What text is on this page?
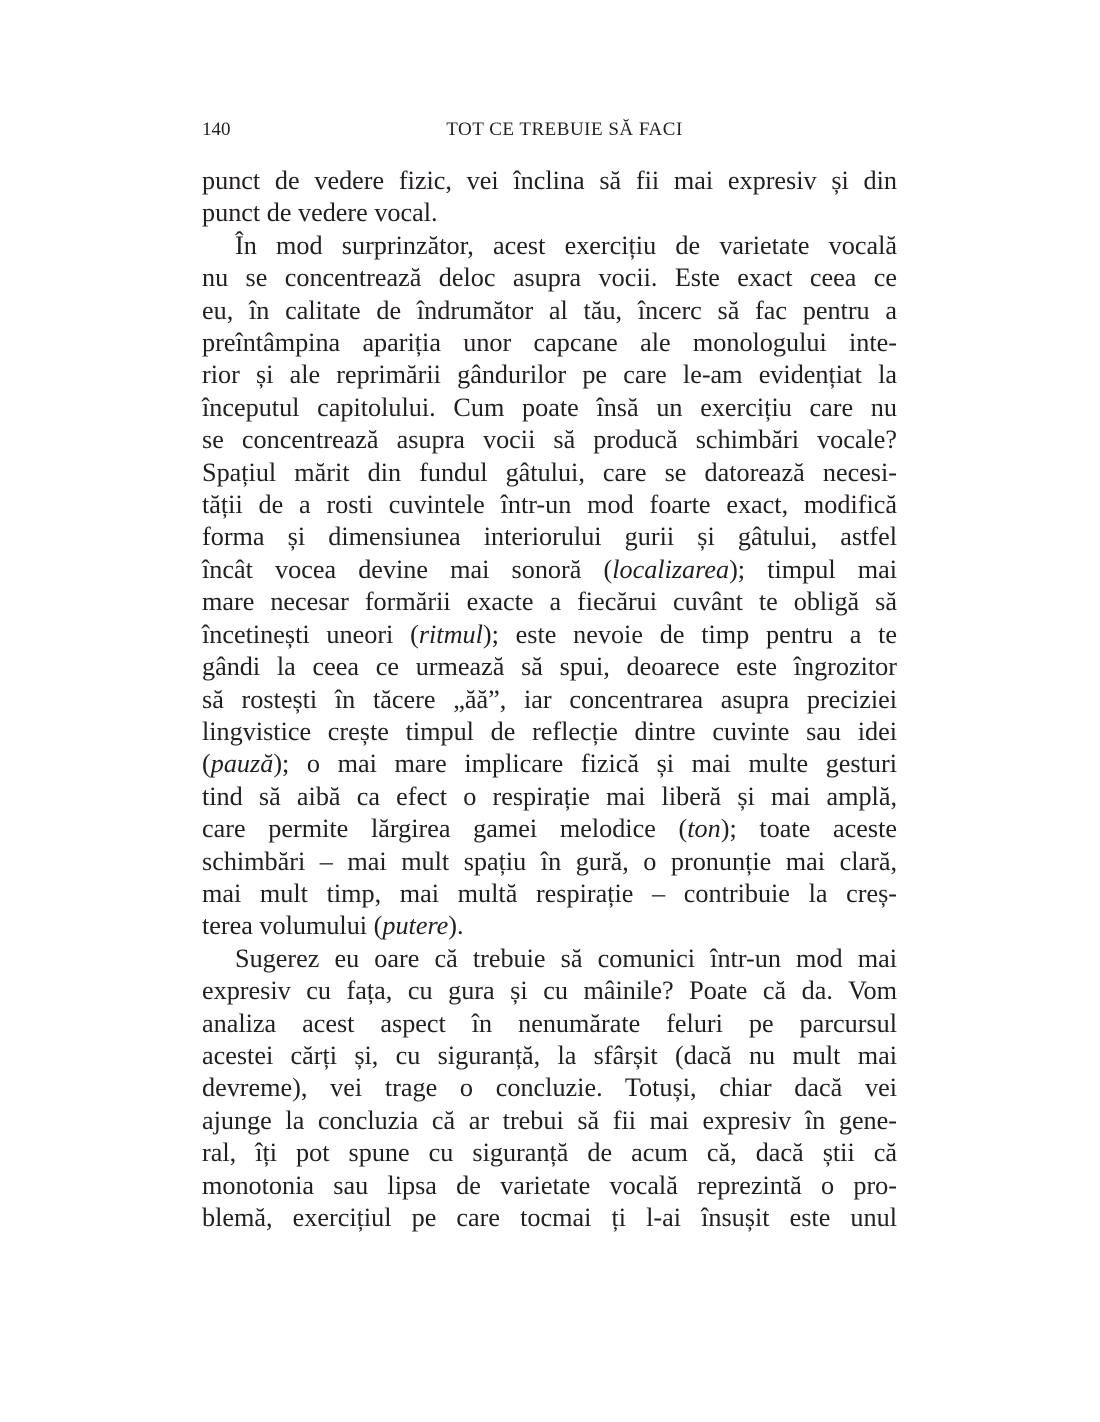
140	TOT CE TREBUIE SĂ FACI

punct de vedere fizic, vei înclina să fii mai expresiv și din
punct de vedere vocal.

În mod surprinzător, acest exercițiu de varietate vocală
nu se concentrează deloc asupra vocii. Este exact ceea ce
eu, în calitate de îndrumător al tău, încerc să fac pentru a
preîntâmpina apariția unor capcane ale monologului inte-
rior și ale reprimării gândurilor pe care le-am evidențiat la
începutul capitolului. Cum poate însă un exercițiu care nu
se concentrează asupra vocii să producă schimbări vocale?
Spațiul mărit din fundul gâtului, care se datorează necesi-
tății de a rosti cuvintele într-un mod foarte exact, modifică
forma și dimensiunea interiorului gurii și gâtului, astfel
încât vocea devine mai sonoră (localizarea); timpul mai
mare necesar formării exacte a fiecărui cuvânt te obligă să
încetinești uneori (ritmul); este nevoie de timp pentru a te
gândi la ceea ce urmează să spui, deoarece este îngrozitor
să rostești în tăcere „ăă”, iar concentrarea asupra preciziei
lingvistice crește timpul de reflecție dintre cuvinte sau idei
(pauză); o mai mare implicare fizică și mai multe gesturi
tind să aibă ca efect o respirație mai liberă și mai amplă,
care permite lărgirea gamei melodice (ton); toate aceste
schimbări – mai mult spațiu în gură, o pronunție mai clară,
mai mult timp, mai multă respirație – contribuie la creș-
terea volumului (putere).

Sugerez eu oare că trebuie să comunici într-un mod mai
expresiv cu fața, cu gura și cu mâinile? Poate că da. Vom
analiza acest aspect în nenumărate feluri pe parcursul
acestei cărți și, cu siguranță, la sfârșit (dacă nu mult mai
devreme), vei trage o concluzie. Totuși, chiar dacă vei
ajunge la concluzia că ar trebui să fii mai expresiv în gene-
ral, îți pot spune cu siguranță de acum că, dacă știi că
monotonia sau lipsa de varietate vocală reprezintă o pro-
blemă, exercițiul pe care tocmai ți l-ai însușit este unul
